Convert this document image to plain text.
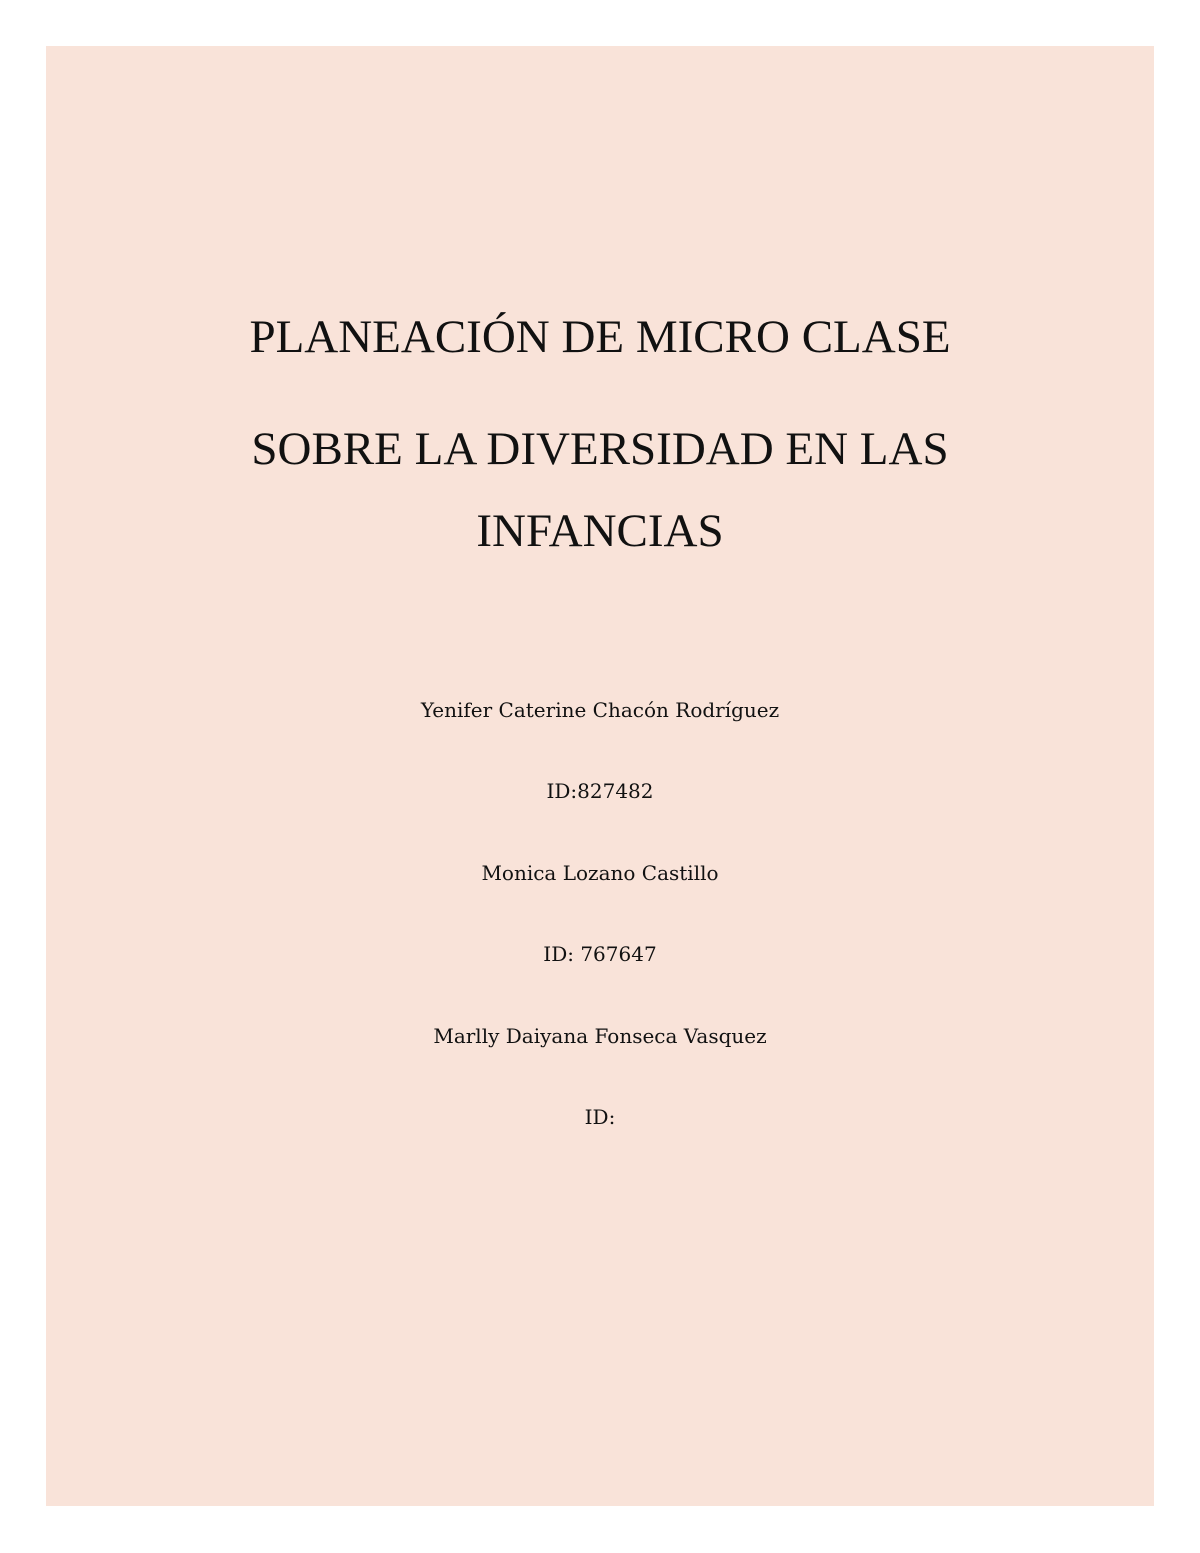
PLANEACIÓN DE MICRO CLASE
SOBRE LA DIVERSIDAD EN LAS
INFANCIAS
Yenifer Caterine Chacón Rodríguez
ID:827482
Monica Lozano Castillo
ID: 767647
Marlly Daiyana Fonseca Vasquez
ID:
